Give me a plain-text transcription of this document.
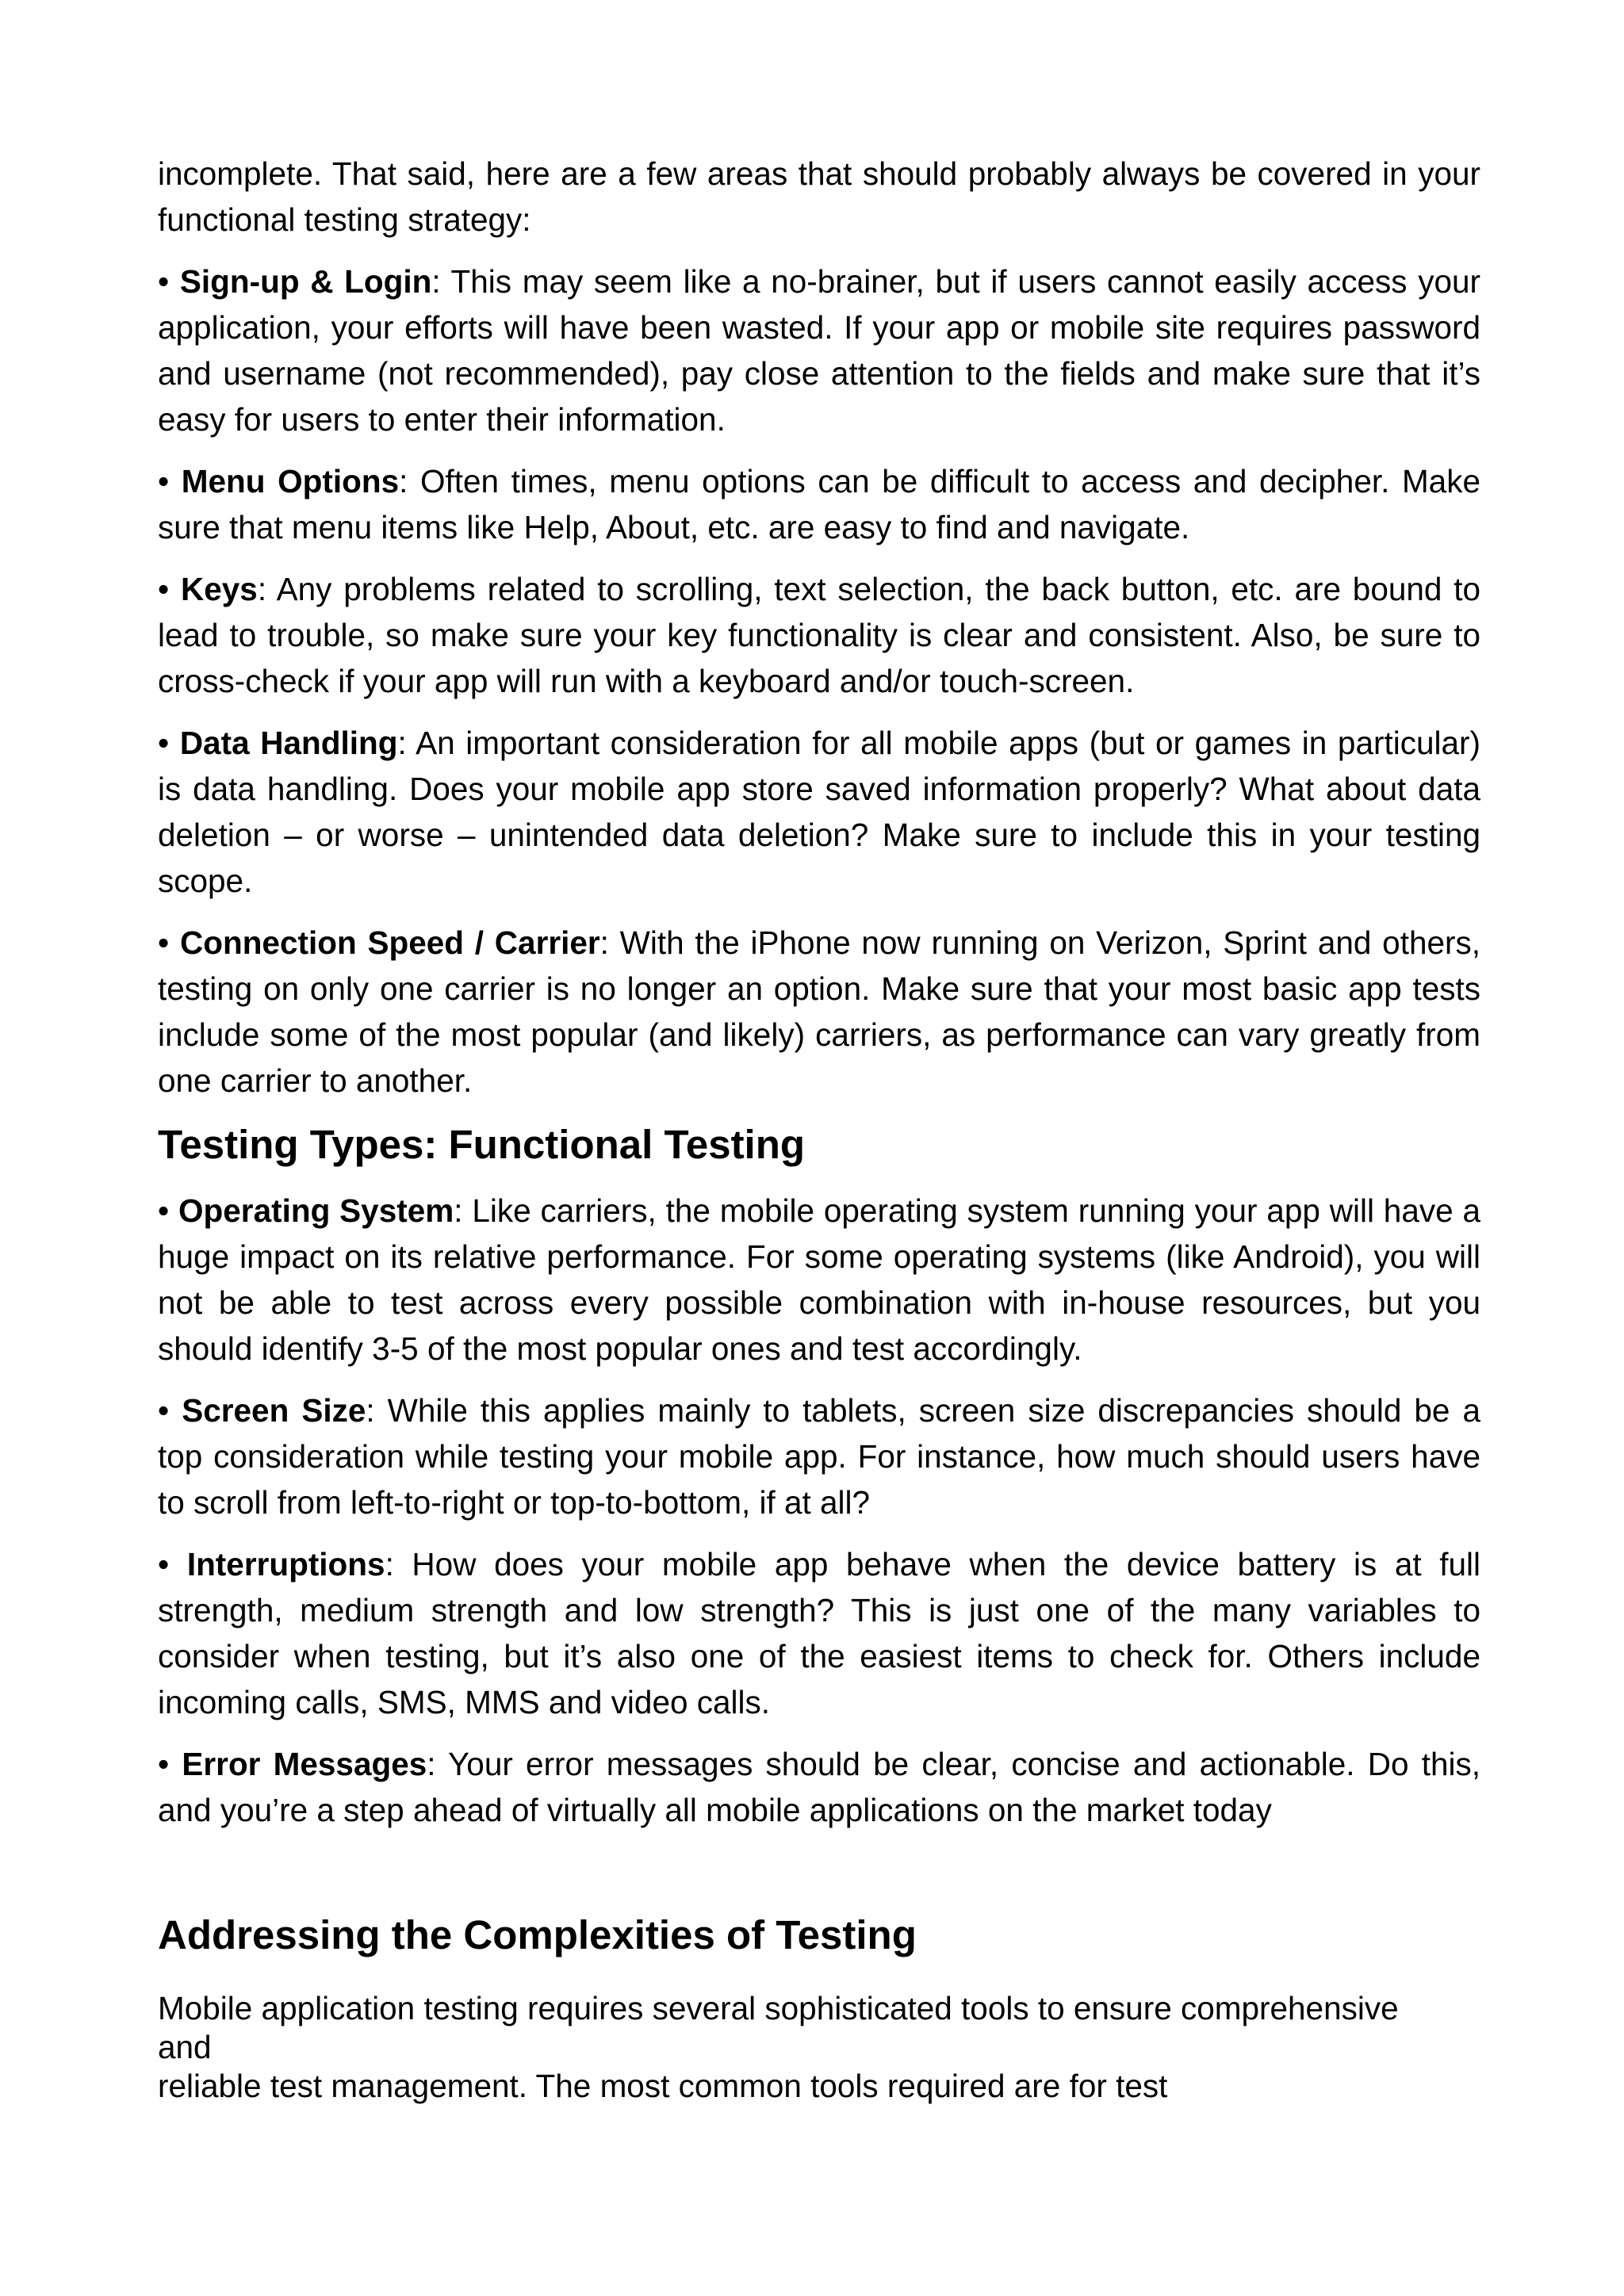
incomplete. That said, here are a few areas that should probably always be covered in your functional testing strategy:

• Sign-up & Login: This may seem like a no-brainer, but if users cannot easily access your application, your efforts will have been wasted. If your app or mobile site requires password and username (not recommended), pay close attention to the fields and make sure that it’s easy for users to enter their information.

• Menu Options: Often times, menu options can be difficult to access and decipher. Make sure that menu items like Help, About, etc. are easy to find and navigate.

• Keys: Any problems related to scrolling, text selection, the back button, etc. are bound to lead to trouble, so make sure your key functionality is clear and consistent. Also, be sure to cross-check if your app will run with a keyboard and/or touch-screen.

• Data Handling: An important consideration for all mobile apps (but or games in particular) is data handling. Does your mobile app store saved information properly? What about data deletion – or worse – unintended data deletion? Make sure to include this in your testing scope.

• Connection Speed / Carrier: With the iPhone now running on Verizon, Sprint and others, testing on only one carrier is no longer an option. Make sure that your most basic app tests include some of the most popular (and likely) carriers, as performance can vary greatly from one carrier to another.

Testing Types: Functional Testing

• Operating System: Like carriers, the mobile operating system running your app will have a huge impact on its relative performance. For some operating systems (like Android), you will not be able to test across every possible combination with in-house resources, but you should identify 3-5 of the most popular ones and test accordingly.

• Screen Size: While this applies mainly to tablets, screen size discrepancies should be a top consideration while testing your mobile app. For instance, how much should users have to scroll from left-to-right or top-to-bottom, if at all?

• Interruptions: How does your mobile app behave when the device battery is at full strength, medium strength and low strength? This is just one of the many variables to consider when testing, but it’s also one of the easiest items to check for. Others include incoming calls, SMS, MMS and video calls.

• Error Messages: Your error messages should be clear, concise and actionable. Do this, and you’re a step ahead of virtually all mobile applications on the market today

Addressing the Complexities of Testing

Mobile application testing requires several sophisticated tools to ensure comprehensive

and

reliable test management. The most common tools required are for test
